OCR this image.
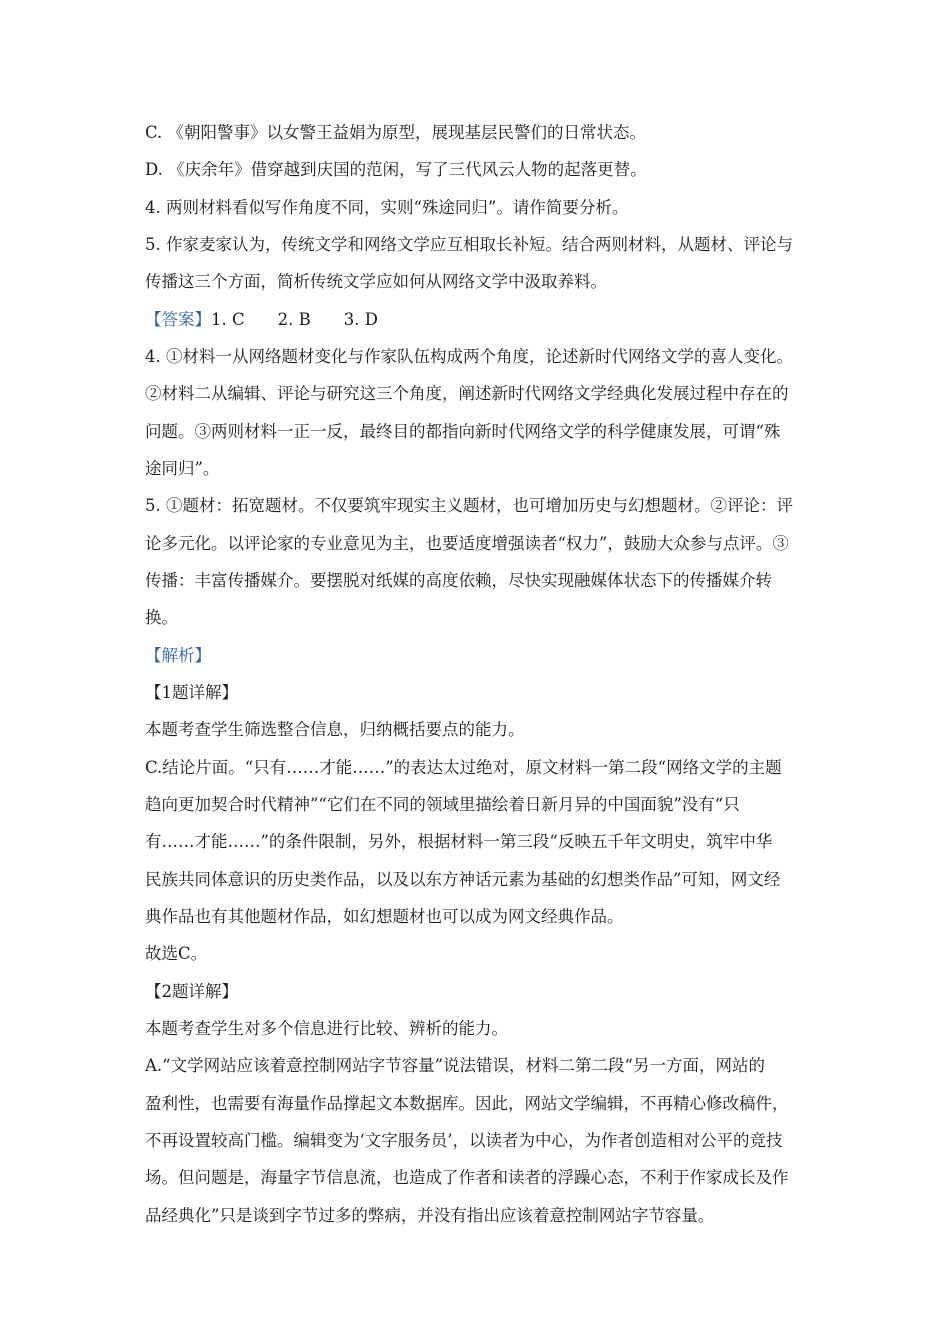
C. 《朝阳警事》以女警王益娟为原型，展现基层民警们的日常状态。
D. 《庆余年》借穿越到庆国的范闲，写了三代风云人物的起落更替。
4. 两则材料看似写作角度不同，实则“殊途同归”。请作简要分析。
5. 作家麦家认为，传统文学和网络文学应互相取长补短。结合两则材料，从题材、评论与
传播这三个方面，简析传统文学应如何从网络文学中汲取养料。
【答案】1. C　　2. B　　3. D
4. ①材料一从网络题材变化与作家队伍构成两个角度，论述新时代网络文学的喜人变化。
②材料二从编辑、评论与研究这三个角度，阐述新时代网络文学经典化发展过程中存在的
问题。③两则材料一正一反，最终目的都指向新时代网络文学的科学健康发展，可谓“殊
途同归”。
5. ①题材：拓宽题材。不仅要筑牢现实主义题材，也可增加历史与幻想题材。②评论：评
论多元化。以评论家的专业意见为主，也要适度增强读者“权力”，鼓励大众参与点评。③
传播：丰富传播媒介。要摆脱对纸媒的高度依赖，尽快实现融媒体状态下的传播媒介转
换。
【解析】
【1题详解】
本题考查学生筛选整合信息，归纳概括要点的能力。
C.结论片面。“只有……才能……”的表达太过绝对，原文材料一第二段“网络文学的主题
趋向更加契合时代精神”“它们在不同的领域里描绘着日新月异的中国面貌”没有“只
有……才能……”的条件限制，另外，根据材料一第三段“反映五千年文明史，筑牢中华
民族共同体意识的历史类作品，以及以东方神话元素为基础的幻想类作品”可知，网文经
典作品也有其他题材作品，如幻想题材也可以成为网文经典作品。
故选C。
【2题详解】
本题考查学生对多个信息进行比较、辨析的能力。
A.“文学网站应该着意控制网站字节容量”说法错误，材料二第二段“另一方面，网站的
盈利性，也需要有海量作品撑起文本数据库。因此，网站文学编辑，不再精心修改稿件，
不再设置较高门槛。编辑变为‘文字服务员’，以读者为中心，为作者创造相对公平的竞技
场。但问题是，海量字节信息流，也造成了作者和读者的浮躁心态，不利于作家成长及作
品经典化”只是谈到字节过多的弊病，并没有指出应该着意控制网站字节容量。
